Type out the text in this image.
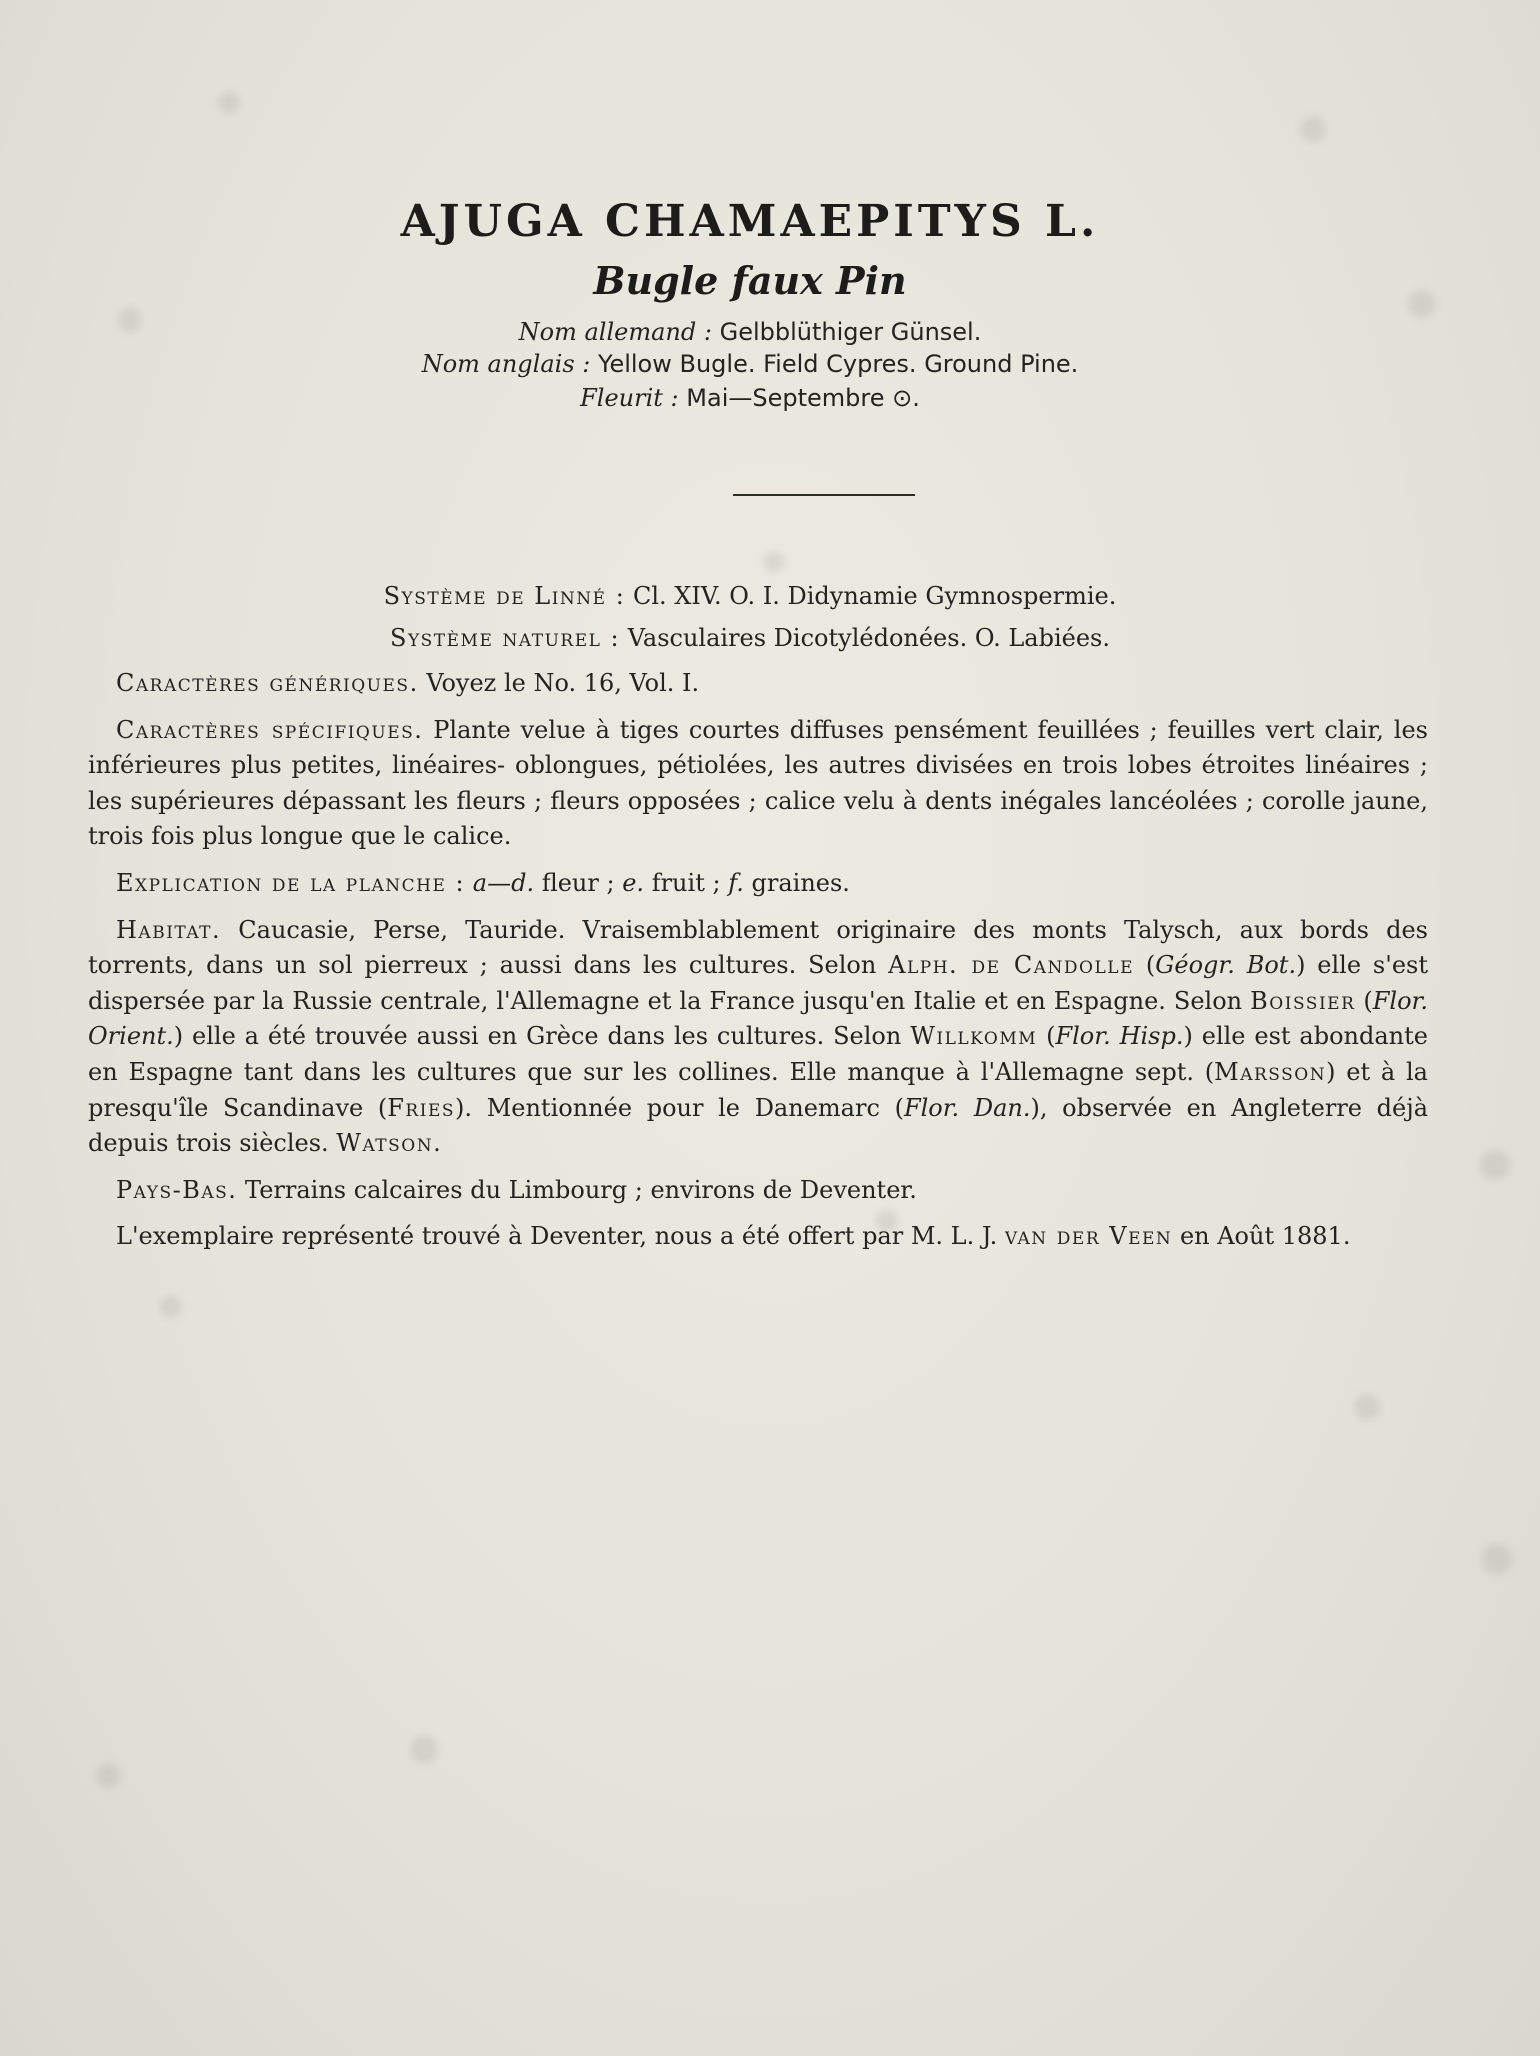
AJUGA CHAMAEPITYS L.
Bugle faux Pin
Nom allemand : Gelbblüthiger Günsel.
Nom anglais : Yellow Bugle. Field Cypres. Ground Pine.
Fleurit : Mai—Septembre ⊙.
Système de Linné : Cl. XIV. O. I. Didynamie Gymnospermie.
Système naturel : Vasculaires Dicotylédonées. O. Labiées.

Caractères génériques. Voyez le No. 16, Vol. I.

Caractères spécifiques. Plante velue à tiges courtes diffuses pensément feuillées ; feuilles vert clair, les inférieures plus petites, linéaires- oblongues, pétiolées, les autres divisées en trois lobes étroites linéaires ; les supérieures dépassant les fleurs ; fleurs opposées ; calice velu à dents inégales lancéolées ; corolle jaune, trois fois plus longue que le calice.

Explication de la planche : a—d. fleur ; e. fruit ; f. graines.

Habitat. Caucasie, Perse, Tauride. Vraisemblablement originaire des monts Talysch, aux bords des torrents, dans un sol pierreux ; aussi dans les cultures. Selon Alph. de Candolle (Géogr. Bot.) elle s'est dispersée par la Russie centrale, l'Allemagne et la France jusqu'en Italie et en Espagne. Selon Boissier (Flor. Orient.) elle a été trouvée aussi en Grèce dans les cultures. Selon Willkomm (Flor. Hisp.) elle est abondante en Espagne tant dans les cultures que sur les collines. Elle manque à l'Allemagne sept. (Marsson) et à la presqu'île Scandinave (Fries). Mentionnée pour le Danemarc (Flor. Dan.), observée en Angleterre déjà depuis trois siècles. Watson.

Pays-Bas. Terrains calcaires du Limbourg ; environs de Deventer.

L'exemplaire représenté trouvé à Deventer, nous a été offert par M. L. J. van der Veen en Août 1881.
